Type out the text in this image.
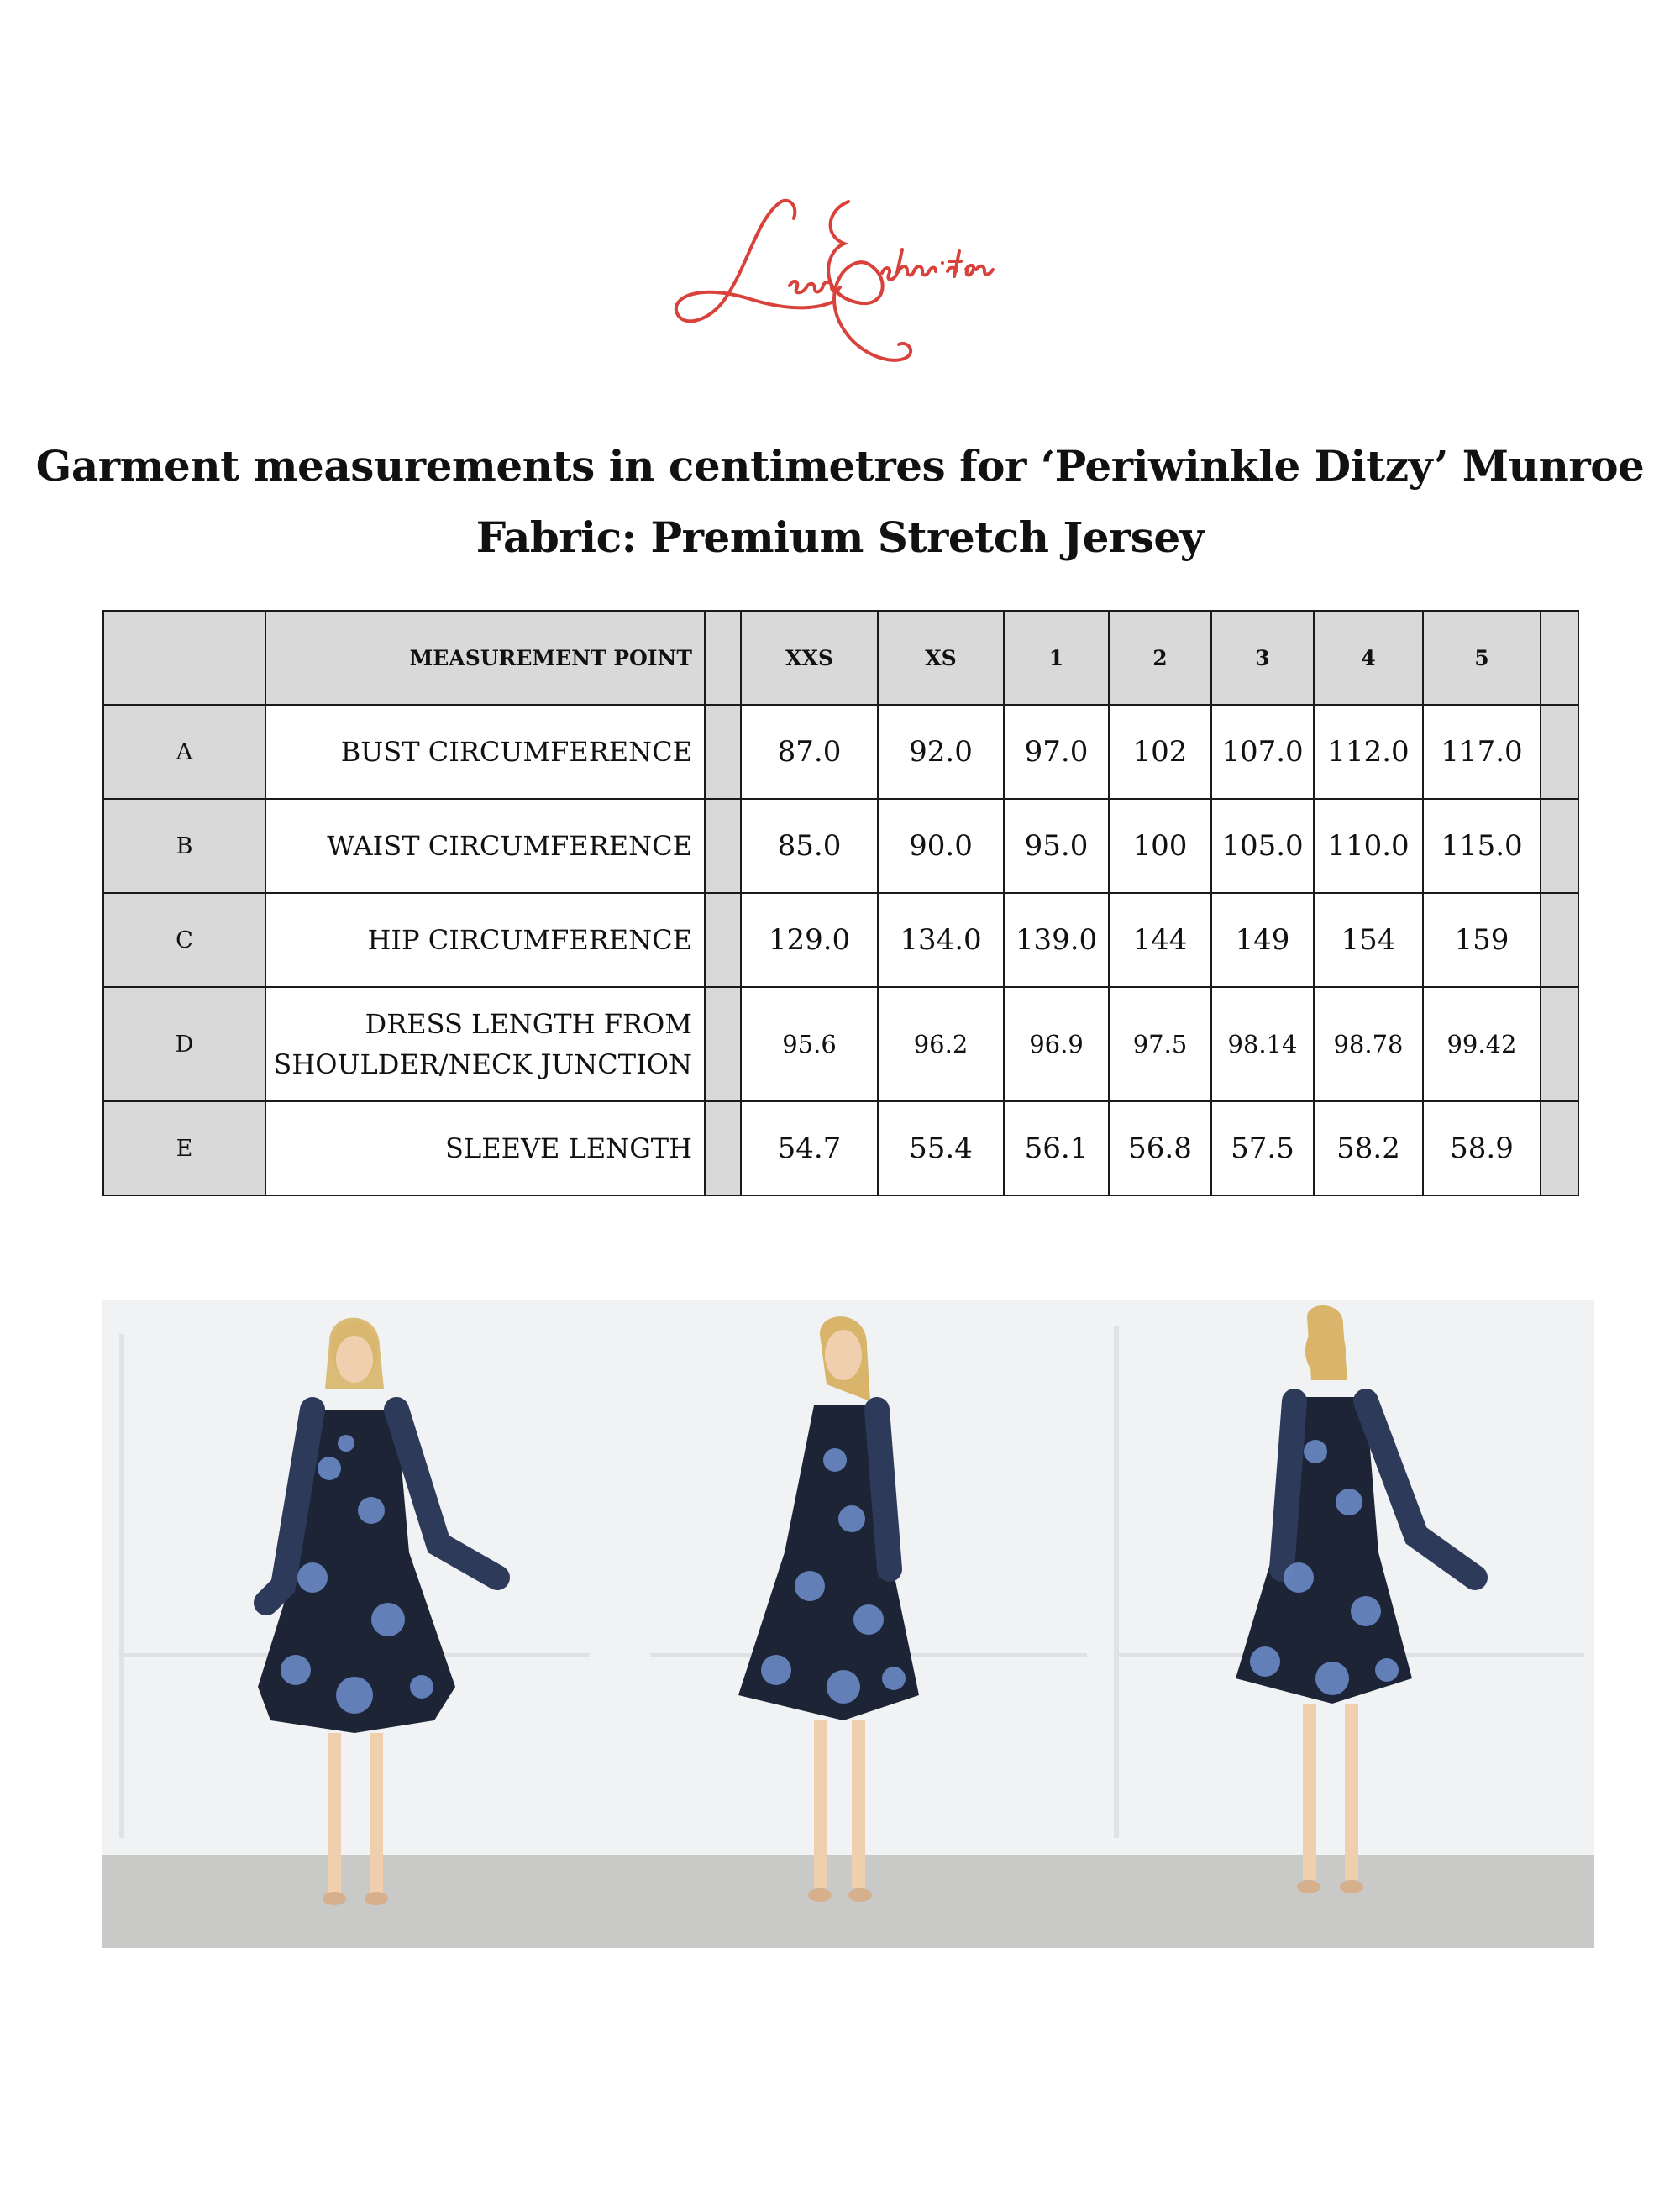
Garment measurements in centimetres for ‘Periwinkle Ditzy’ Munroe
Fabric: Premium Stretch Jersey
	MEASUREMENT POINT		XXS	XS	1	2	3	4	5	
A	BUST CIRCUMFERENCE		87.0	92.0	97.0	102	107.0	112.0	117.0	
B	WAIST CIRCUMFERENCE		85.0	90.0	95.0	100	105.0	110.0	115.0	
C	HIP CIRCUMFERENCE		129.0	134.0	139.0	144	149	154	159	
D	DRESS LENGTH FROM
SHOULDER/NECK JUNCTION		95.6	96.2	96.9	97.5	98.14	98.78	99.42	
E	SLEEVE LENGTH		54.7	55.4	56.1	56.8	57.5	58.2	58.9	
